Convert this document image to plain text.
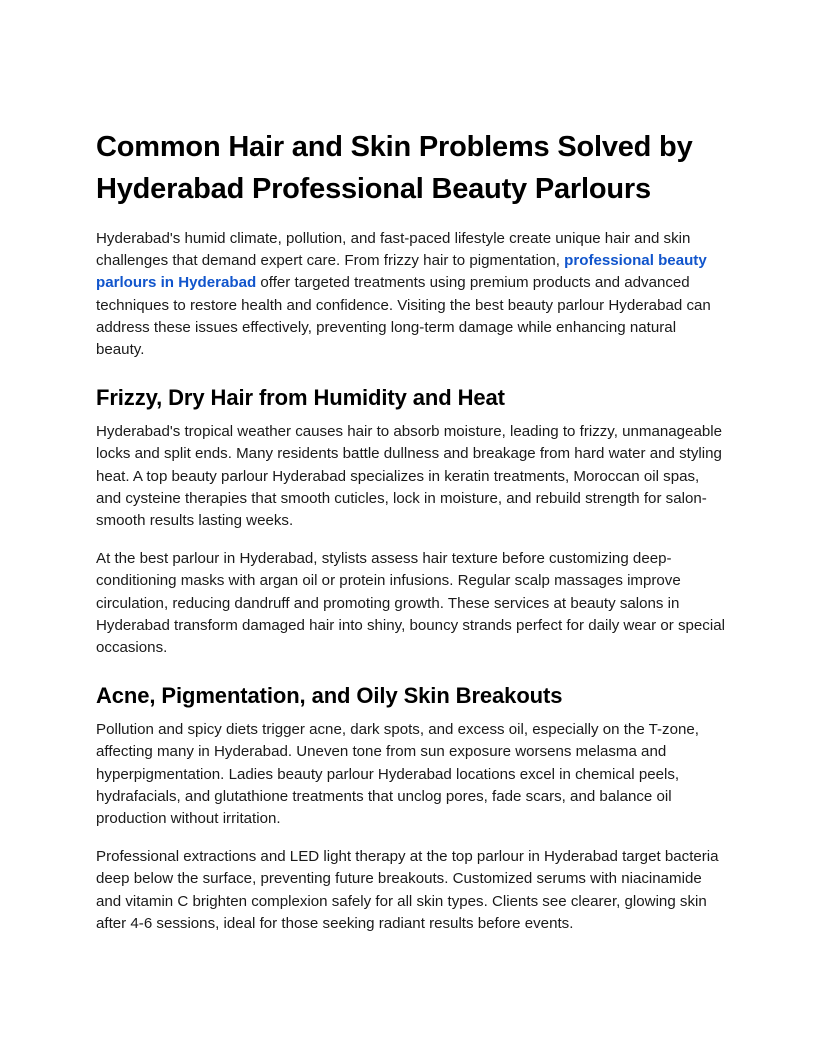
Common Hair and Skin Problems Solved by Hyderabad Professional Beauty Parlours

Hyderabad's humid climate, pollution, and fast-paced lifestyle create unique hair and skin challenges that demand expert care. From frizzy hair to pigmentation, professional beauty parlours in Hyderabad offer targeted treatments using premium products and advanced techniques to restore health and confidence. Visiting the best beauty parlour Hyderabad can address these issues effectively, preventing long-term damage while enhancing natural beauty.

Frizzy, Dry Hair from Humidity and Heat

Hyderabad's tropical weather causes hair to absorb moisture, leading to frizzy, unmanageable locks and split ends. Many residents battle dullness and breakage from hard water and styling heat. A top beauty parlour Hyderabad specializes in keratin treatments, Moroccan oil spas, and cysteine therapies that smooth cuticles, lock in moisture, and rebuild strength for salon-smooth results lasting weeks.

At the best parlour in Hyderabad, stylists assess hair texture before customizing deep-conditioning masks with argan oil or protein infusions. Regular scalp massages improve circulation, reducing dandruff and promoting growth. These services at beauty salons in Hyderabad transform damaged hair into shiny, bouncy strands perfect for daily wear or special occasions.

Acne, Pigmentation, and Oily Skin Breakouts

Pollution and spicy diets trigger acne, dark spots, and excess oil, especially on the T-zone, affecting many in Hyderabad. Uneven tone from sun exposure worsens melasma and hyperpigmentation. Ladies beauty parlour Hyderabad locations excel in chemical peels, hydrafacials, and glutathione treatments that unclog pores, fade scars, and balance oil production without irritation.

Professional extractions and LED light therapy at the top parlour in Hyderabad target bacteria deep below the surface, preventing future breakouts. Customized serums with niacinamide and vitamin C brighten complexion safely for all skin types. Clients see clearer, glowing skin after 4-6 sessions, ideal for those seeking radiant results before events.
